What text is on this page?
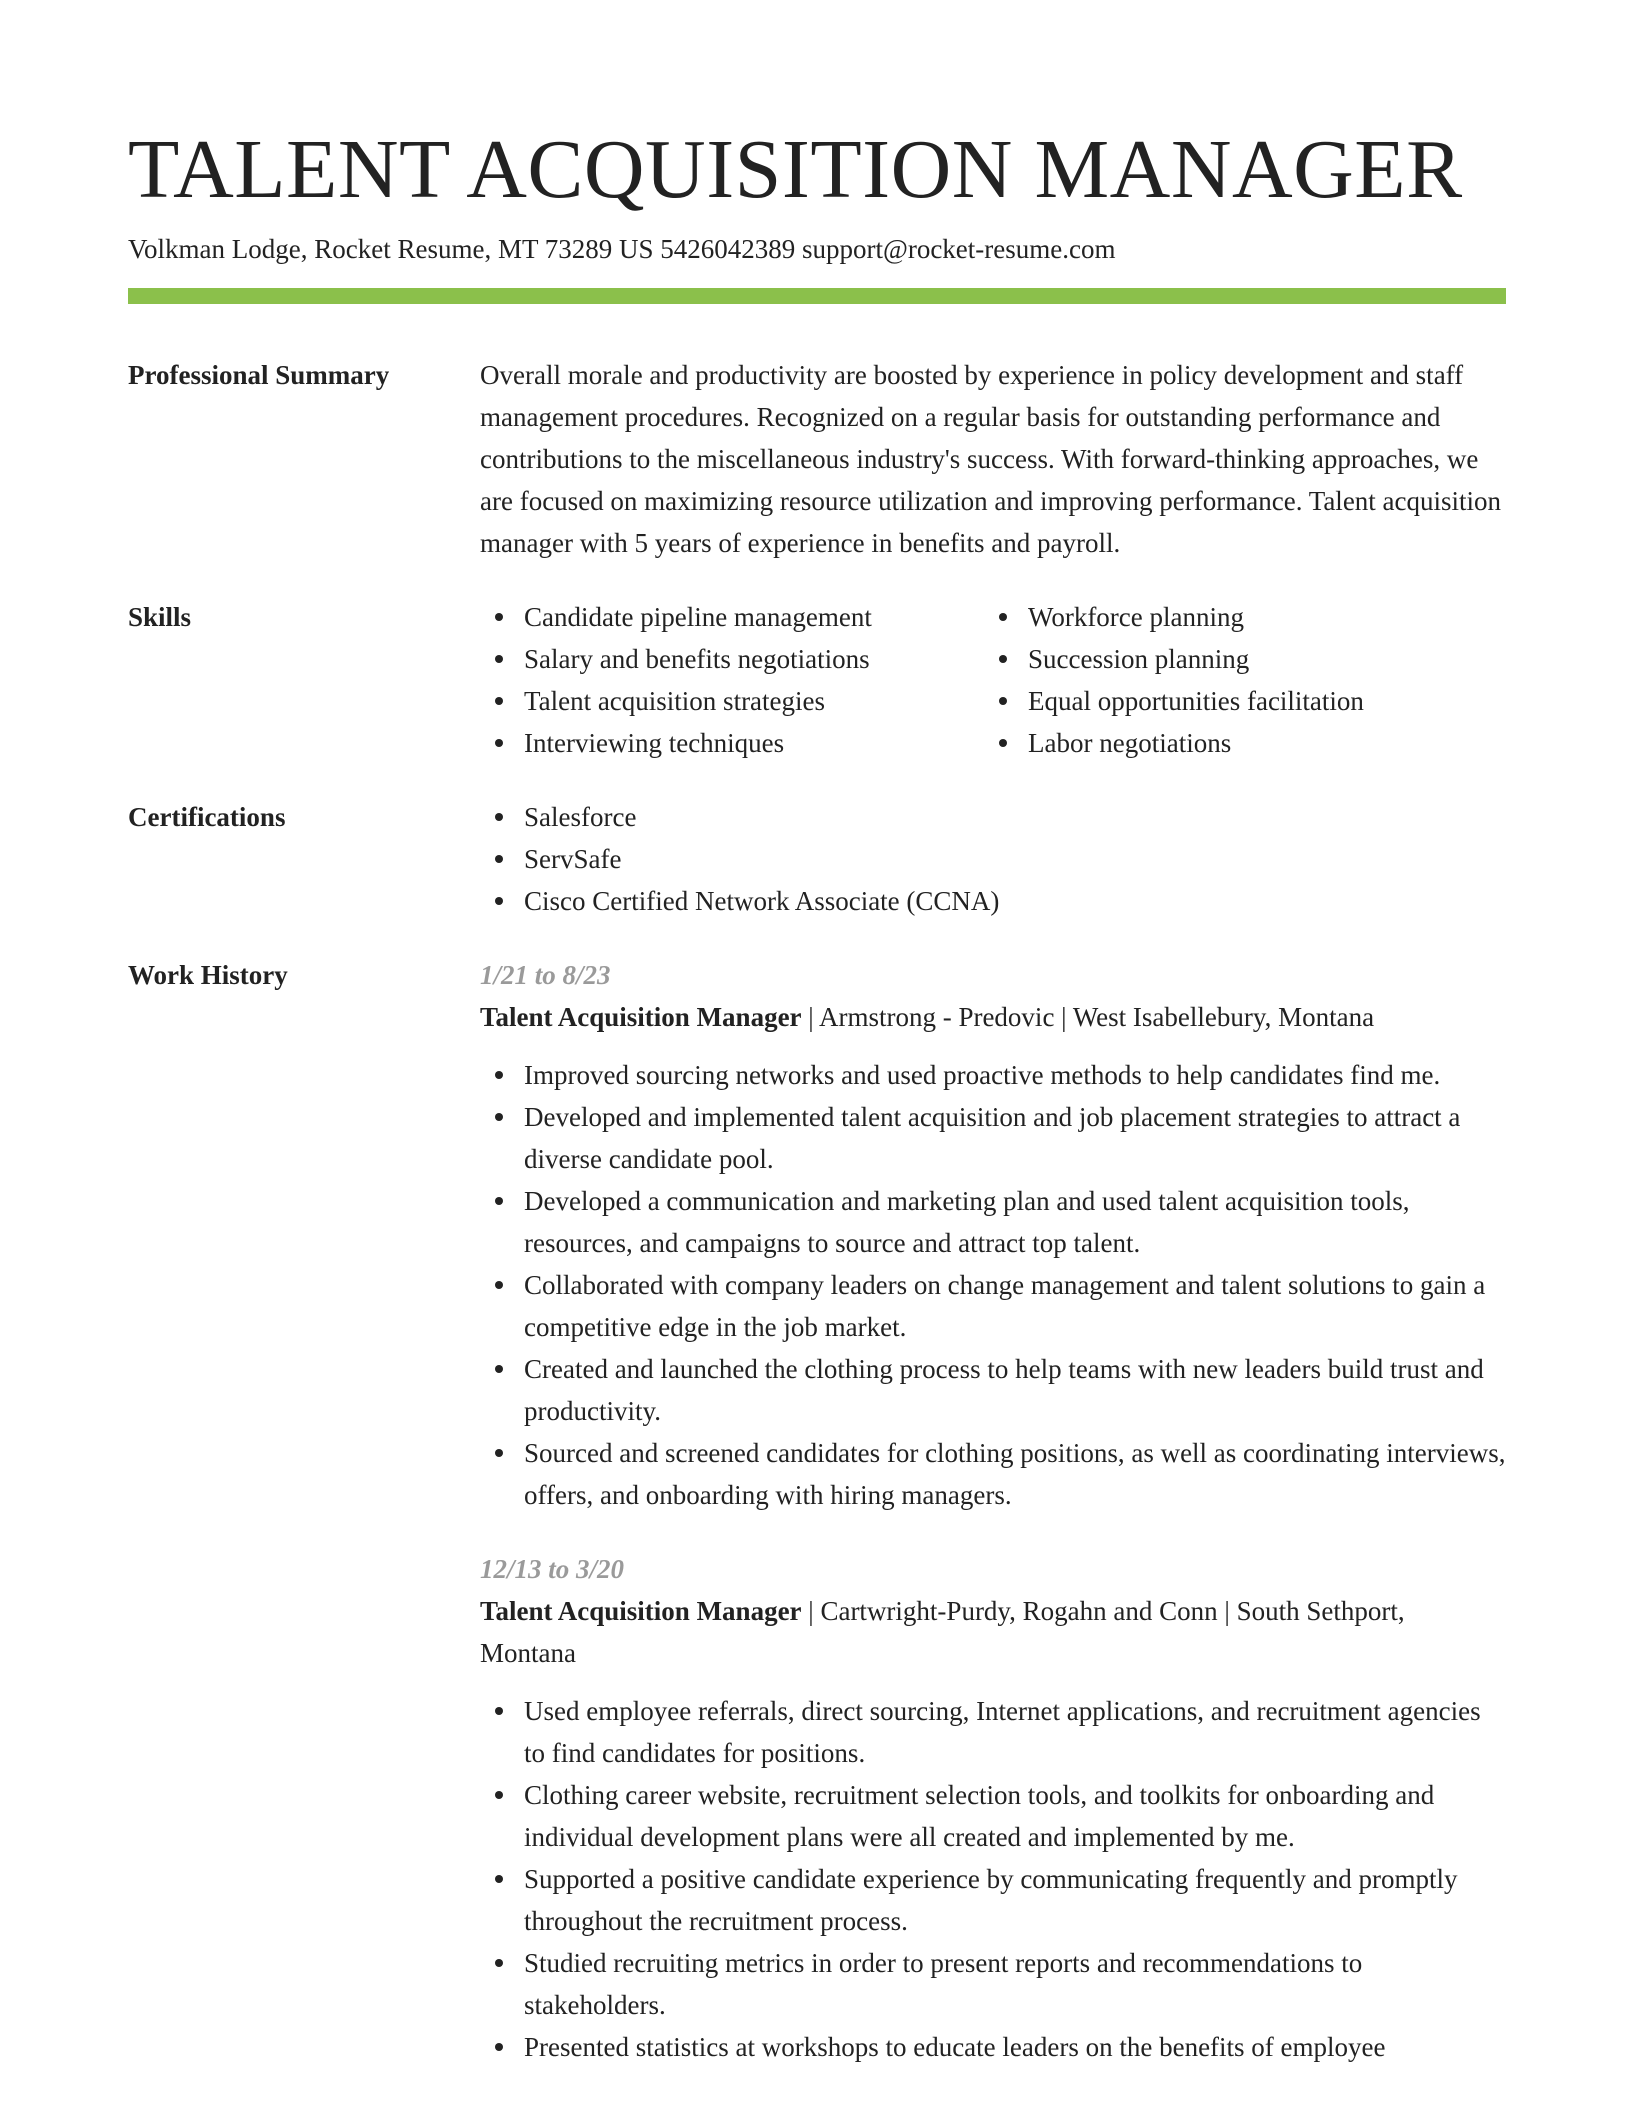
TALENT ACQUISITION MANAGER
Volkman Lodge, Rocket Resume, MT 73289 US 5426042389 support@rocket-resume.com
Professional Summary	Overall morale and productivity are boosted by experience in policy development and staff management procedures. Recognized on a regular basis for outstanding performance and contributions to the miscellaneous industry's success. With forward-thinking approaches, we are focused on maximizing resource utilization and improving performance. Talent acquisition manager with 5 years of experience in benefits and payroll.
Skills	Candidate pipeline management
Salary and benefits negotiations
Talent acquisition strategies
Interviewing techniques
Workforce planning
Succession planning
Equal opportunities facilitation
Labor negotiations
Certifications	Salesforce
ServSafe
Cisco Certified Network Associate (CCNA)
Work History	1/21 to 8/23
Talent Acquisition Manager | Armstrong - Predovic | West Isabellebury, Montana
Improved sourcing networks and used proactive methods to help candidates find me.
Developed and implemented talent acquisition and job placement strategies to attract a diverse candidate pool.
Developed a communication and marketing plan and used talent acquisition tools, resources, and campaigns to source and attract top talent.
Collaborated with company leaders on change management and talent solutions to gain a competitive edge in the job market.
Created and launched the clothing process to help teams with new leaders build trust and productivity.
Sourced and screened candidates for clothing positions, as well as coordinating interviews, offers, and onboarding with hiring managers.
12/13 to 3/20
Talent Acquisition Manager | Cartwright-Purdy, Rogahn and Conn | South Sethport, Montana
Used employee referrals, direct sourcing, Internet applications, and recruitment agencies to find candidates for positions.
Clothing career website, recruitment selection tools, and toolkits for onboarding and individual development plans were all created and implemented by me.
Supported a positive candidate experience by communicating frequently and promptly throughout the recruitment process.
Studied recruiting metrics in order to present reports and recommendations to stakeholders.
Presented statistics at workshops to educate leaders on the benefits of employee
